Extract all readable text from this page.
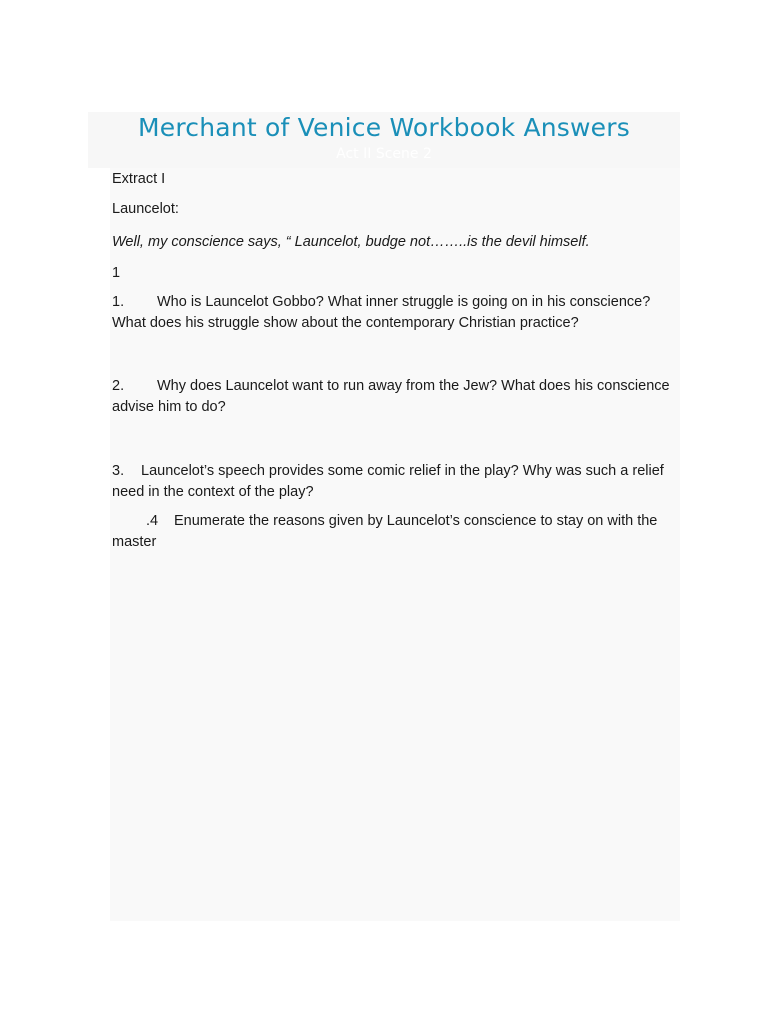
Merchant of Venice Workbook Answers
Act II Scene 2

Extract I

Launcelot:

Well, my conscience says, “ Launcelot, budge not……..is the devil himself.

1

1. Who is Launcelot Gobbo? What inner struggle is going on in his conscience? What does his struggle show about the contemporary Christian practice?

2. Why does Launcelot want to run away from the Jew? What does his conscience advise him to do?

3. Launcelot’s speech provides some comic relief in the play? Why was such a relief need in the context of the play?

.4 Enumerate the reasons given by Launcelot’s conscience to stay on with the master
